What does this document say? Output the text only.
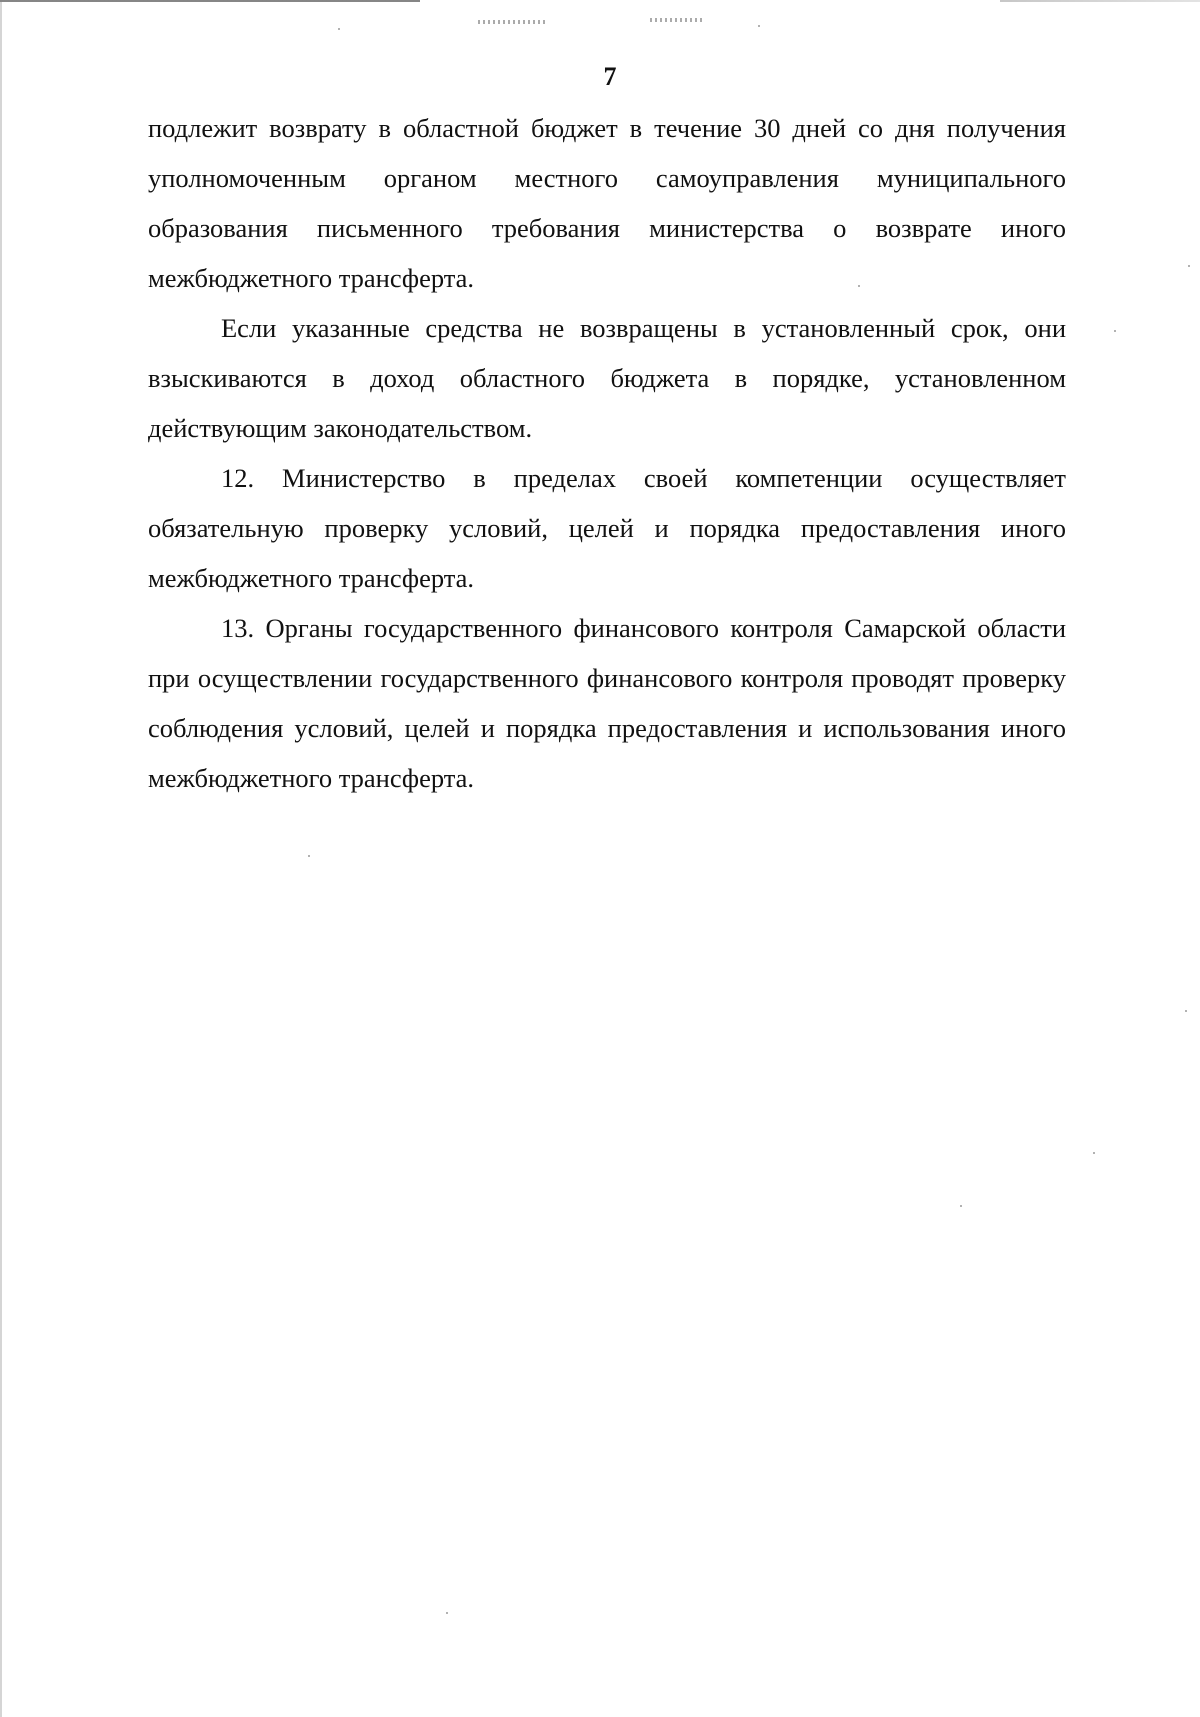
7

подлежит возврату в областной бюджет в течение 30 дней со дня получения уполномоченным органом местного самоуправления муниципального образования письменного требования министерства о возврате иного межбюджетного трансферта.

Если указанные средства не возвращены в установленный срок, они взыскиваются в доход областного бюджета в порядке, установленном действующим законодательством.

12. Министерство в пределах своей компетенции осуществляет обязательную проверку условий, целей и порядка предоставления иного межбюджетного трансферта.

13. Органы государственного финансового контроля Самарской области при осуществлении государственного финансового контроля проводят проверку соблюдения условий, целей и порядка предоставления и использования иного межбюджетного трансферта.
